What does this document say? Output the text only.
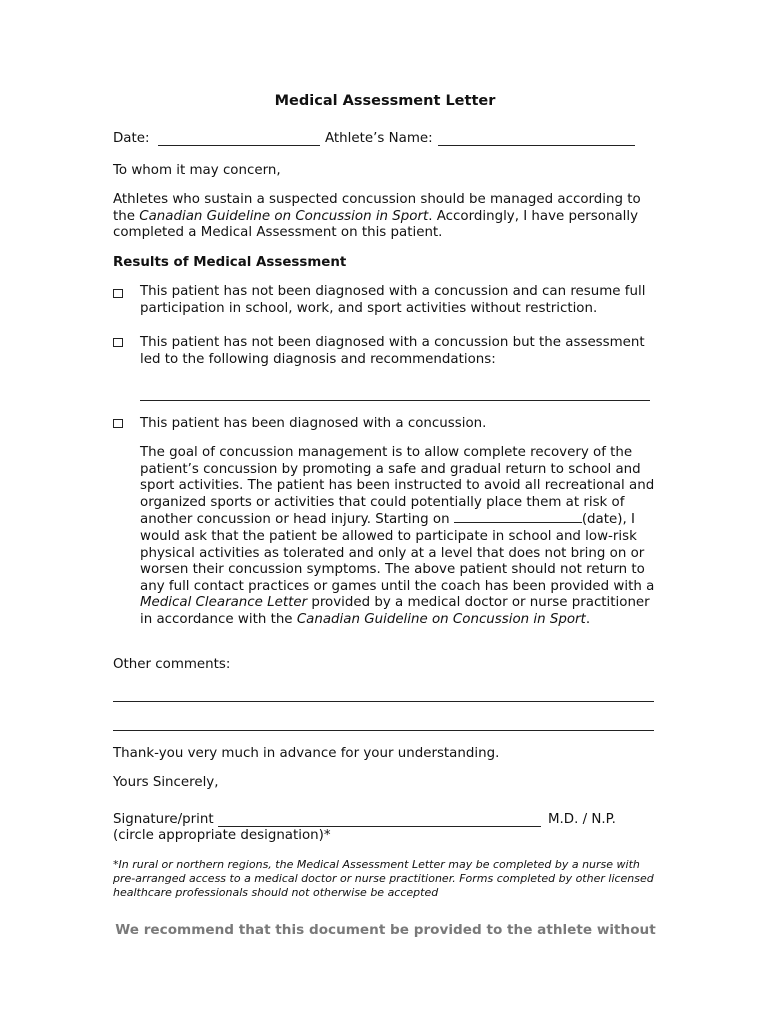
Medical Assessment Letter
Date:	Athlete’s Name:
To whom it may concern,
Athletes who sustain a suspected concussion should be managed according to the Canadian Guideline on Concussion in Sport. Accordingly, I have personally completed a Medical Assessment on this patient.
Results of Medical Assessment
This patient has not been diagnosed with a concussion and can resume full participation in school, work, and sport activities without restriction.
This patient has not been diagnosed with a concussion but the assessment led to the following diagnosis and recommendations:
This patient has been diagnosed with a concussion.
The goal of concussion management is to allow complete recovery of the patient’s concussion by promoting a safe and gradual return to school and sport activities. The patient has been instructed to avoid all recreational and organized sports or activities that could potentially place them at risk of another concussion or head injury. Starting on	(date), I would ask that the patient be allowed to participate in school and low-risk physical activities as tolerated and only at a level that does not bring on or worsen their concussion symptoms. The above patient should not return to any full contact practices or games until the coach has been provided with a Medical Clearance Letter provided by a medical doctor or nurse practitioner in accordance with the Canadian Guideline on Concussion in Sport.
Other comments:
Thank-you very much in advance for your understanding.
Yours Sincerely,
Signature/print	M.D. / N.P.
(circle appropriate designation)*
*In rural or northern regions, the Medical Assessment Letter may be completed by a nurse with pre-arranged access to a medical doctor or nurse practitioner. Forms completed by other licensed healthcare professionals should not otherwise be accepted
We recommend that this document be provided to the athlete without
